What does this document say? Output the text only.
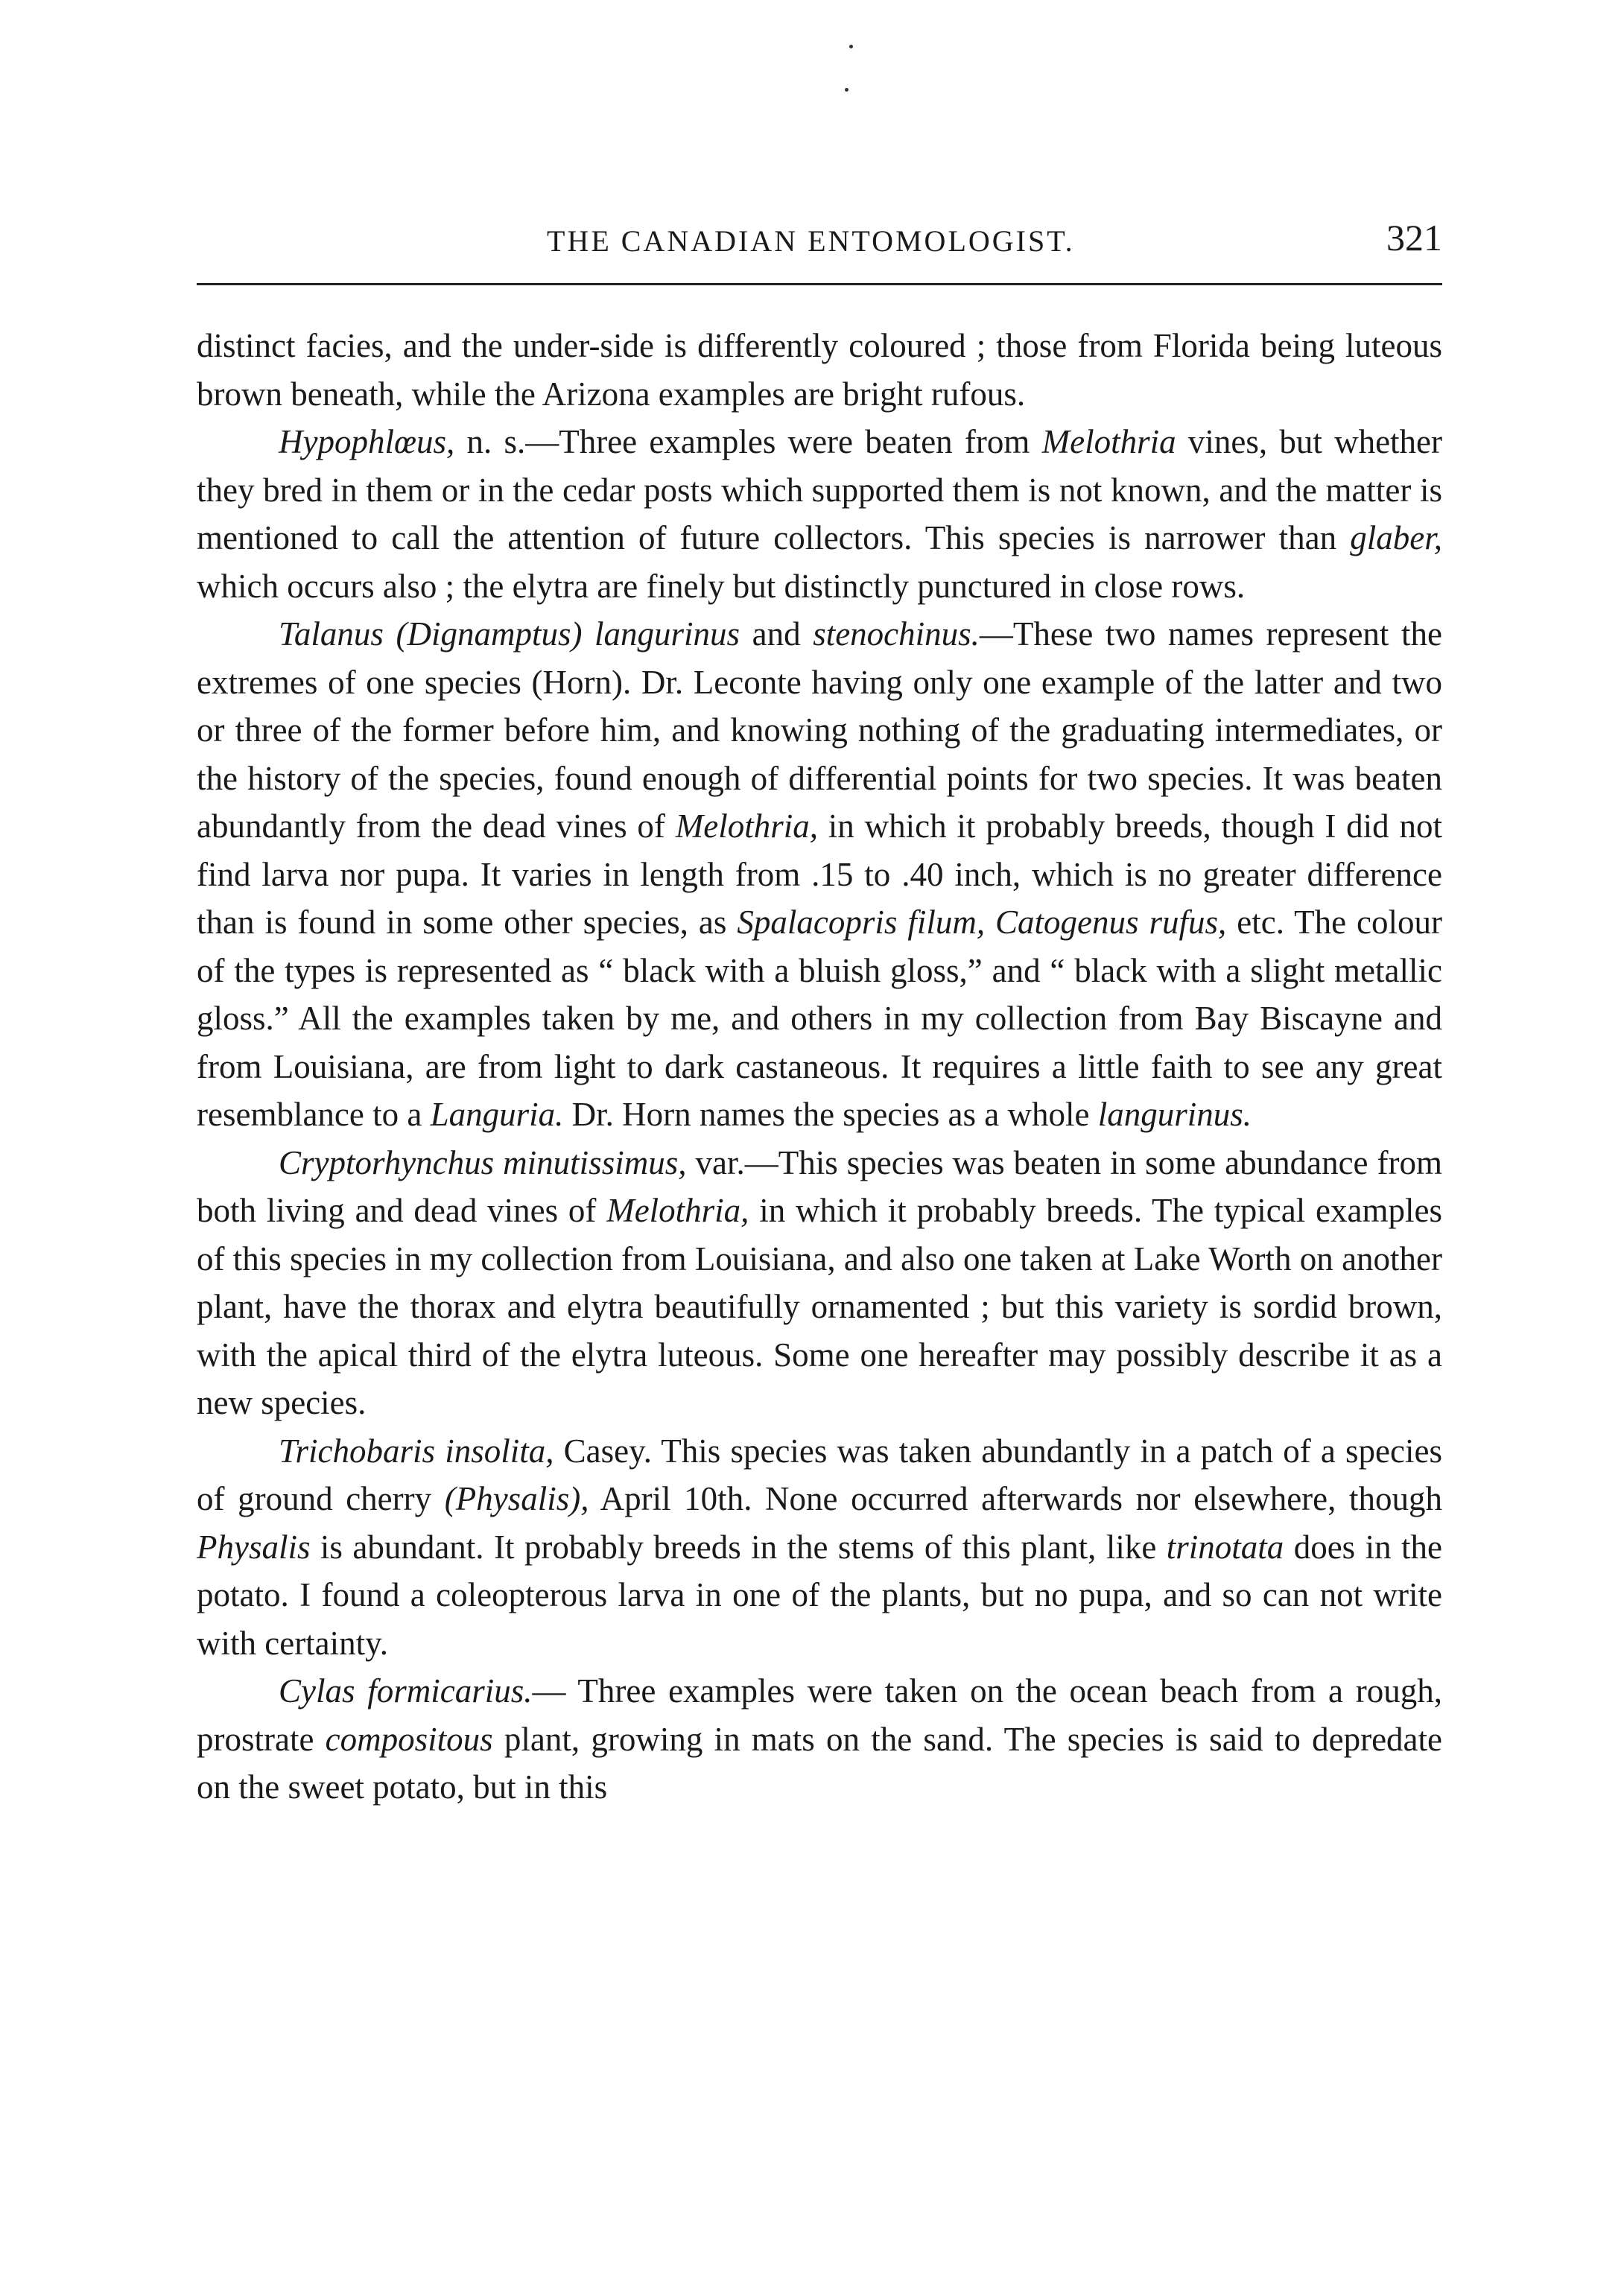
THE CANADIAN ENTOMOLOGIST.	321

distinct facies, and the under-side is differently coloured ; those from Florida being luteous brown beneath, while the Arizona examples are bright rufous.

Hypophlœus, n. s.—Three examples were beaten from Melothria vines, but whether they bred in them or in the cedar posts which supported them is not known, and the matter is mentioned to call the attention of future collectors. This species is narrower than glaber, which occurs also ; the elytra are finely but distinctly punctured in close rows.

Talanus (Dignamptus) langurinus and stenochinus.—These two names represent the extremes of one species (Horn). Dr. Leconte having only one example of the latter and two or three of the former before him, and knowing nothing of the graduating intermediates, or the history of the species, found enough of differential points for two species. It was beaten abundantly from the dead vines of Melothria, in which it probably breeds, though I did not find larva nor pupa. It varies in length from .15 to .40 inch, which is no greater difference than is found in some other species, as Spalacopris filum, Catogenus rufus, etc. The colour of the types is represented as “ black with a bluish gloss,” and “ black with a slight metallic gloss.” All the examples taken by me, and others in my collection from Bay Biscayne and from Louisiana, are from light to dark castaneous. It requires a little faith to see any great resemblance to a Languria. Dr. Horn names the species as a whole langurinus.

Cryptorhynchus minutissimus, var.—This species was beaten in some abundance from both living and dead vines of Melothria, in which it probably breeds. The typical examples of this species in my collection from Louisiana, and also one taken at Lake Worth on another plant, have the thorax and elytra beautifully ornamented ; but this variety is sordid brown, with the apical third of the elytra luteous. Some one hereafter may possibly describe it as a new species.

Trichobaris insolita, Casey. This species was taken abundantly in a patch of a species of ground cherry (Physalis), April 10th. None occurred afterwards nor elsewhere, though Physalis is abundant. It probably breeds in the stems of this plant, like trinotata does in the potato. I found a coleopterous larva in one of the plants, but no pupa, and so can not write with certainty.

Cylas formicarius.— Three examples were taken on the ocean beach from a rough, prostrate compositous plant, growing in mats on the sand. The species is said to depredate on the sweet potato, but in this
